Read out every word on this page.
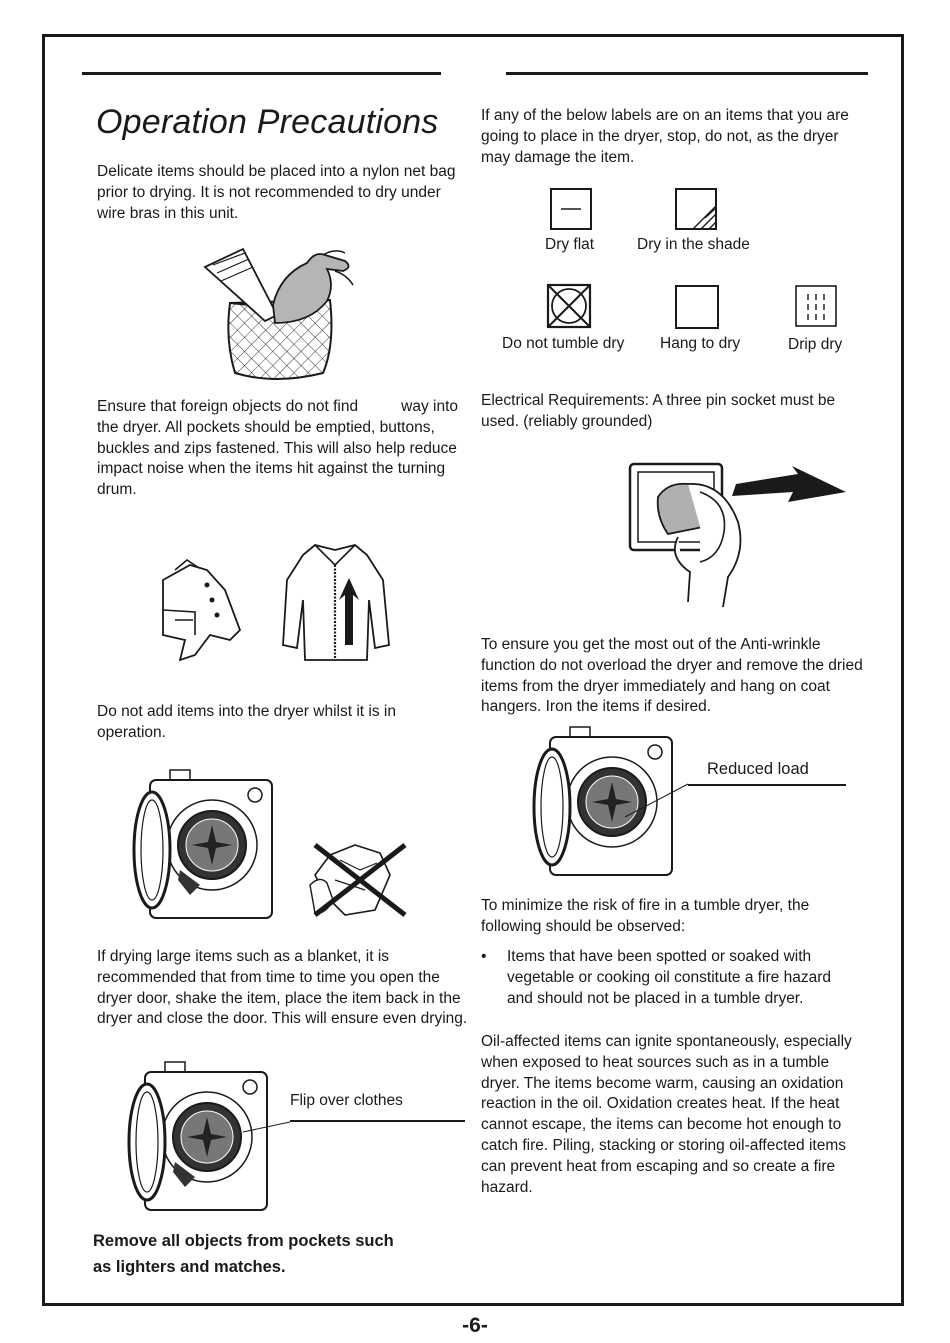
Operation Precautions

Delicate items should be placed into a nylon net bag prior to drying. It is not recommended to dry under wire bras in this unit.

Ensure that foreign objects do not find          way into the dryer. All pockets should be emptied, buttons, buckles and zips fastened. This will also help reduce impact noise when the items hit against the turning drum.

Do not add items into the dryer whilst it is in operation.

If drying large items such as a blanket, it is recommended that from time to time you open the dryer door, shake the item, place the item back in the dryer and close the door. This will ensure even drying.

Flip over clothes
Remove all objects from pockets such
as lighters and matches.

If any of the below labels are on an items that you are going to place in the dryer, stop, do not, as the dryer may damage the item.

Dry flat	Dry in the shade
Do not tumble dry Hang to dry	Drip dry

Electrical Requirements: A three pin socket must be used. (reliably grounded)

To ensure you get the most out of the Anti-wrinkle function do not overload the dryer and remove the dried items from the dryer immediately and hang on coat hangers. Iron the items if desired.

Reduced load

To minimize the risk of fire in a tumble dryer, the following should be observed:

• Items that have been spotted or soaked with vegetable or cooking oil constitute a fire hazard and should not be placed in a tumble dryer.

Oil-affected items can ignite spontaneously, especially when exposed to heat sources such as in a tumble dryer. The items become warm, causing an oxidation reaction in the oil. Oxidation creates heat. If the heat cannot escape, the items can become hot enough to catch fire. Piling, stacking or storing oil-affected items can prevent heat from escaping and so create a fire hazard.

-6-
